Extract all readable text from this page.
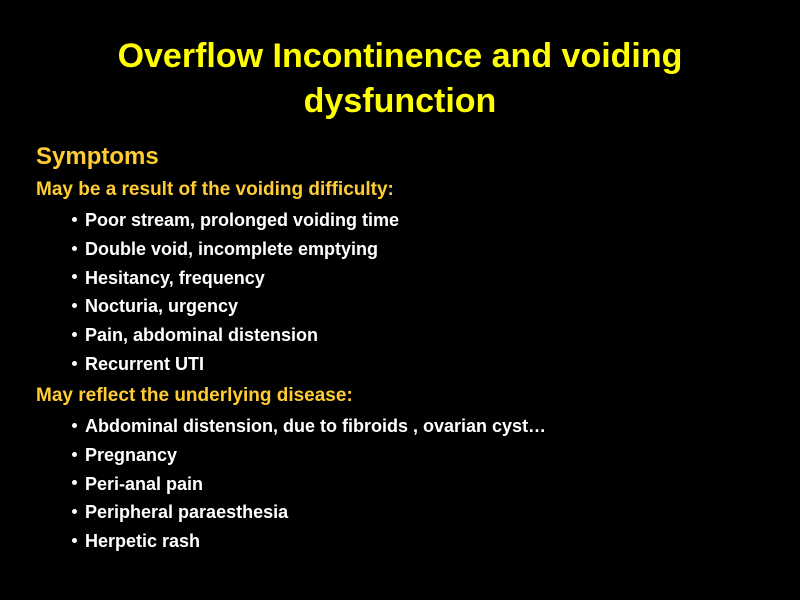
Overflow Incontinence and voiding dysfunction
Symptoms

May be a result of the voiding difficulty:

Poor stream, prolonged voiding time
Double void, incomplete emptying
Hesitancy, frequency
Nocturia, urgency
Pain, abdominal distension
Recurrent UTI

May reflect the underlying disease:

Abdominal distension, due to fibroids , ovarian cyst…
Pregnancy
Peri-anal pain
Peripheral paraesthesia
Herpetic rash
